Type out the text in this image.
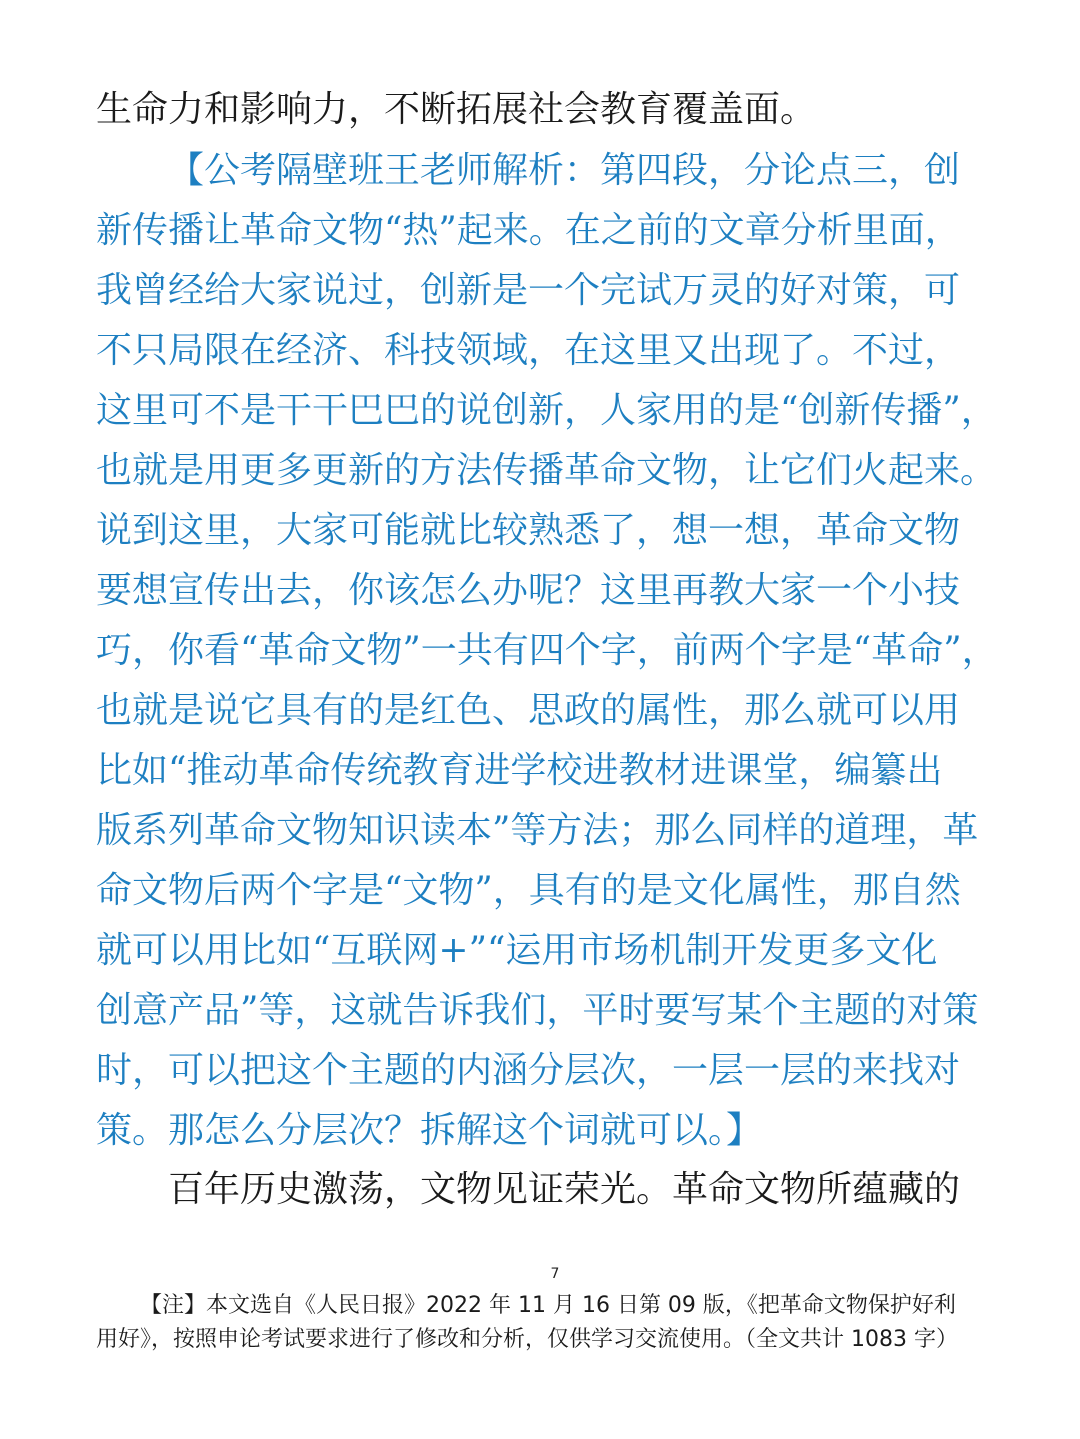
生命力和影响力，不断拓展社会教育覆盖面。
【公考隔壁班王老师解析：第四段，分论点三，创
新传播让革命文物“热”起来。在之前的文章分析里面，
我曾经给大家说过，创新是一个完试万灵的好对策，可
不只局限在经济、科技领域，在这里又出现了。不过，
这里可不是干干巴巴的说创新，人家用的是“创新传播”，
也就是用更多更新的方法传播革命文物，让它们火起来。
说到这里，大家可能就比较熟悉了，想一想，革命文物
要想宣传出去，你该怎么办呢？这里再教大家一个小技
巧，你看“革命文物”一共有四个字，前两个字是“革命”，
也就是说它具有的是红色、思政的属性，那么就可以用
比如“推动革命传统教育进学校进教材进课堂，编纂出
版系列革命文物知识读本”等方法；那么同样的道理，革
命文物后两个字是“文物”，具有的是文化属性，那自然
就可以用比如“互联网+”“运用市场机制开发更多文化
创意产品”等，这就告诉我们，平时要写某个主题的对策
时，可以把这个主题的内涵分层次，一层一层的来找对
策。那怎么分层次？拆解这个词就可以。】
百年历史激荡，文物见证荣光。革命文物所蕴藏的
7
【注】本文选自《人民日报》2022 年 11 月 16 日第 09 版，《把革命文物保护好利
用好》，按照申论考试要求进行了修改和分析，仅供学习交流使用。（全文共计 1083 字）
